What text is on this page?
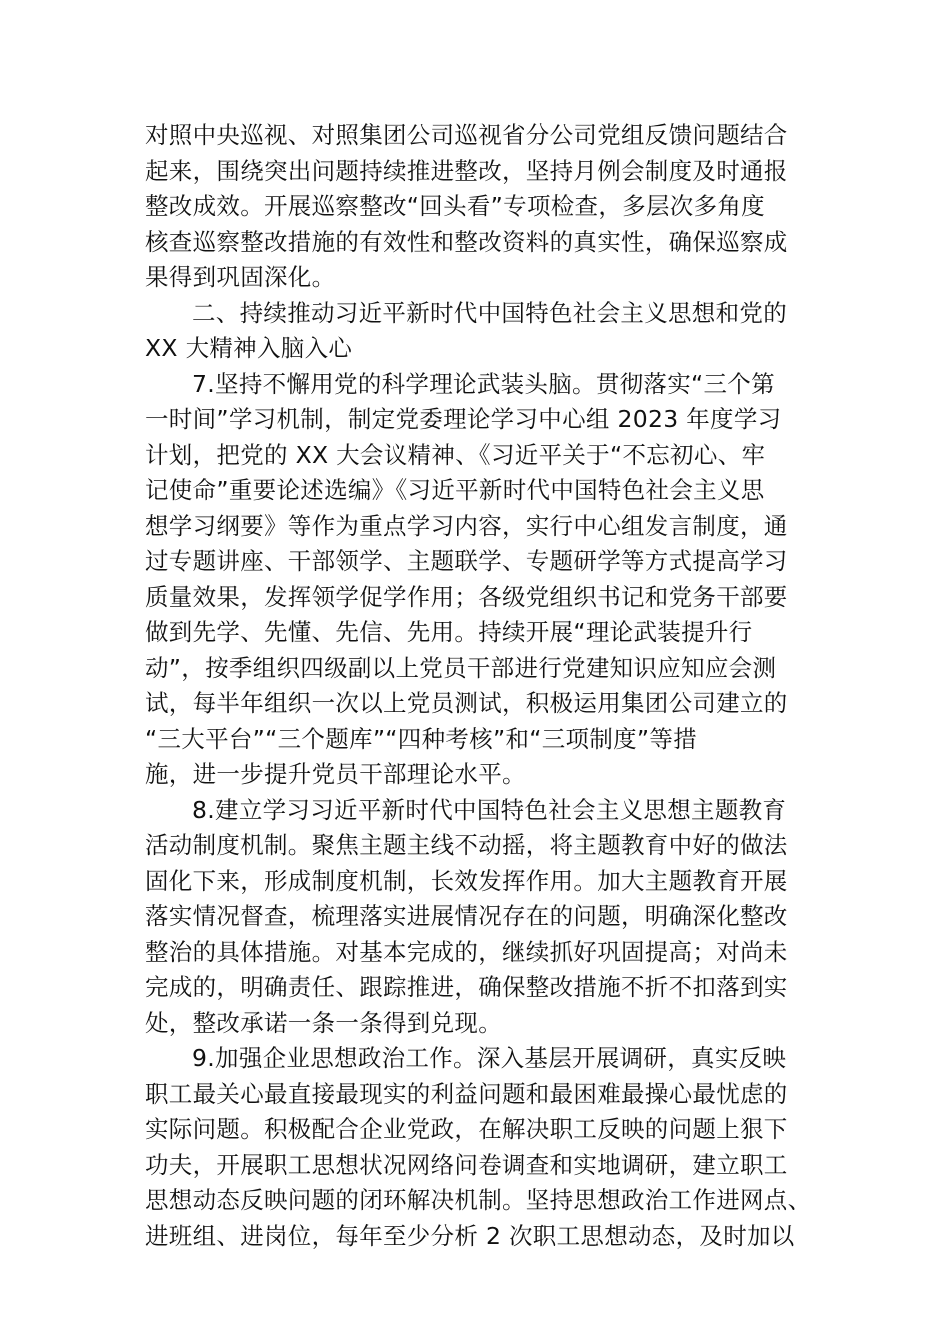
对照中央巡视、对照集团公司巡视省分公司党组反馈问题结合
起来，围绕突出问题持续推进整改，坚持月例会制度及时通报
整改成效。开展巡察整改“回头看”专项检查，多层次多角度
核查巡察整改措施的有效性和整改资料的真实性，确保巡察成
果得到巩固深化。
二、持续推动习近平新时代中国特色社会主义思想和党的
XX 大精神入脑入心
7.坚持不懈用党的科学理论武装头脑。贯彻落实“三个第
一时间”学习机制，制定党委理论学习中心组 2023 年度学习
计划，把党的 XX 大会议精神、《习近平关于“不忘初心、牢
记使命”重要论述选编》《习近平新时代中国特色社会主义思
想学习纲要》等作为重点学习内容，实行中心组发言制度，通
过专题讲座、干部领学、主题联学、专题研学等方式提高学习
质量效果，发挥领学促学作用；各级党组织书记和党务干部要
做到先学、先懂、先信、先用。持续开展“理论武装提升行
动”，按季组织四级副以上党员干部进行党建知识应知应会测
试，每半年组织一次以上党员测试，积极运用集团公司建立的
“三大平台”“三个题库”“四种考核”和“三项制度”等措
施，进一步提升党员干部理论水平。
8.建立学习习近平新时代中国特色社会主义思想主题教育
活动制度机制。聚焦主题主线不动摇，将主题教育中好的做法
固化下来，形成制度机制，长效发挥作用。加大主题教育开展
落实情况督查，梳理落实进展情况存在的问题，明确深化整改
整治的具体措施。对基本完成的，继续抓好巩固提高；对尚未
完成的，明确责任、跟踪推进，确保整改措施不折不扣落到实
处，整改承诺一条一条得到兑现。
9.加强企业思想政治工作。深入基层开展调研，真实反映
职工最关心最直接最现实的利益问题和最困难最操心最忧虑的
实际问题。积极配合企业党政，在解决职工反映的问题上狠下
功夫，开展职工思想状况网络问卷调查和实地调研，建立职工
思想动态反映问题的闭环解决机制。坚持思想政治工作进网点、
进班组、进岗位，每年至少分析 2 次职工思想动态，及时加以
